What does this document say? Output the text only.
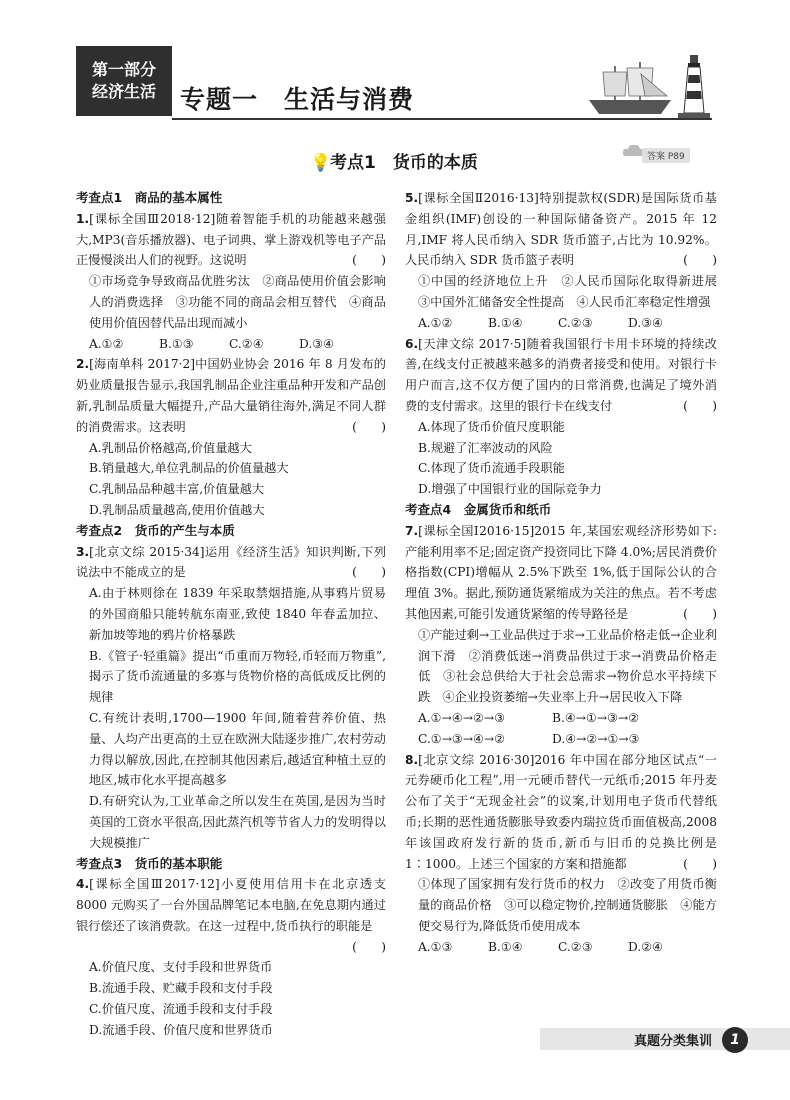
第一部分
经济生活 专题一　生活与消费
💡考点1　货币的本质	答案 P89
考查点1　商品的基本属性
1.[课标全国Ⅲ2018·12]随着智能手机的功能越来越强大,MP3(音乐播放器)、电子词典、掌上游戏机等电子产品正慢慢淡出人们的视野。这说明	(　　)
①市场竞争导致商品优胜劣汰　②商品使用价值会影响人的消费选择　③功能不同的商品会相互替代　④商品使用价值因替代品出现而减小
A.①②	B.①③	C.②④	D.③④
2.[海南单科 2017·2]中国奶业协会 2016 年 8 月发布的奶业质量报告显示,我国乳制品企业注重品种开发和产品创新,乳制品质量大幅提升,产品大量销往海外,满足不同人群的消费需求。这表明	(　　)
A.乳制品价格越高,价值量越大
B.销量越大,单位乳制品的价值量越大
C.乳制品品种越丰富,价值量越大
D.乳制品质量越高,使用价值越大
考查点2　货币的产生与本质
3.[北京文综 2015·34]运用《经济生活》知识判断,下列说法中不能成立的是	(　　)
A.由于林则徐在 1839 年采取禁烟措施,从事鸦片贸易的外国商船只能转航东南亚,致使 1840 年春孟加拉、新加坡等地的鸦片价格暴跌
B.《管子·轻重篇》提出“币重而万物轻,币轻而万物重”,揭示了货币流通量的多寡与货物价格的高低成反比例的规律
C.有统计表明,1700—1900 年间,随着营养价值、热量、人均产出更高的土豆在欧洲大陆逐步推广,农村劳动力得以解放,因此,在控制其他因素后,越适宜种植土豆的地区,城市化水平提高越多
D.有研究认为,工业革命之所以发生在英国,是因为当时英国的工资水平很高,因此蒸汽机等节省人力的发明得以大规模推广
考查点3　货币的基本职能
4.[课标全国Ⅲ2017·12]小夏使用信用卡在北京透支 8000 元购买了一台外国品牌笔记本电脑,在免息期内通过银行偿还了该消费款。在这一过程中,货币执行的职能是
(　　)
A.价值尺度、支付手段和世界货币
B.流通手段、贮藏手段和支付手段
C.价值尺度、流通手段和支付手段
D.流通手段、价值尺度和世界货币
5.[课标全国Ⅱ2016·13]特别提款权(SDR)是国际货币基金组织(IMF)创设的一种国际储备资产。2015 年 12 月,IMF 将人民币纳入 SDR 货币篮子,占比为 10.92%。人民币纳入 SDR 货币篮子表明	(　　)
①中国的经济地位上升　②人民币国际化取得新进展　③中国外汇储备安全性提高　④人民币汇率稳定性增强
A.①②	B.①④	C.②③	D.③④
6.[天津文综 2017·5]随着我国银行卡用卡环境的持续改善,在线支付正被越来越多的消费者接受和使用。对银行卡用户而言,这不仅方便了国内的日常消费,也满足了境外消费的支付需求。这里的银行卡在线支付	(　　)
A.体现了货币价值尺度职能
B.规避了汇率波动的风险
C.体现了货币流通手段职能
D.增强了中国银行业的国际竞争力
考查点4　金属货币和纸币
7.[课标全国Ⅰ2016·15]2015 年,某国宏观经济形势如下:产能利用率不足;固定资产投资同比下降 4.0%;居民消费价格指数(CPI)增幅从 2.5%下跌至 1%,低于国际公认的合理值 3%。据此,预防通货紧缩成为关注的焦点。若不考虑其他因素,可能引发通货紧缩的传导路径是	(　　)
①产能过剩→工业品供过于求→工业品价格走低→企业利润下滑　②消费低迷→消费品供过于求→消费品价格走低　③社会总供给大于社会总需求→物价总水平持续下跌　④企业投资萎缩→失业率上升→居民收入下降
A.①→④→②→③	B.④→①→③→②
C.①→③→④→②	D.④→②→①→③
8.[北京文综 2016·30]2016 年中国在部分地区试点“一元券硬币化工程”,用一元硬币替代一元纸币;2015 年丹麦公布了关于“无现金社会”的议案,计划用电子货币代替纸币;长期的恶性通货膨胀导致委内瑞拉货币面值极高,2008 年该国政府发行新的货币,新币与旧币的兑换比例是 1∶1000。上述三个国家的方案和措施都	(　　)
①体现了国家拥有发行货币的权力　②改变了用货币衡量的商品价格　③可以稳定物价,控制通货膨胀　④能方便交易行为,降低货币使用成本
A.①③	B.①④	C.②③	D.②④
真题分类集训	1
